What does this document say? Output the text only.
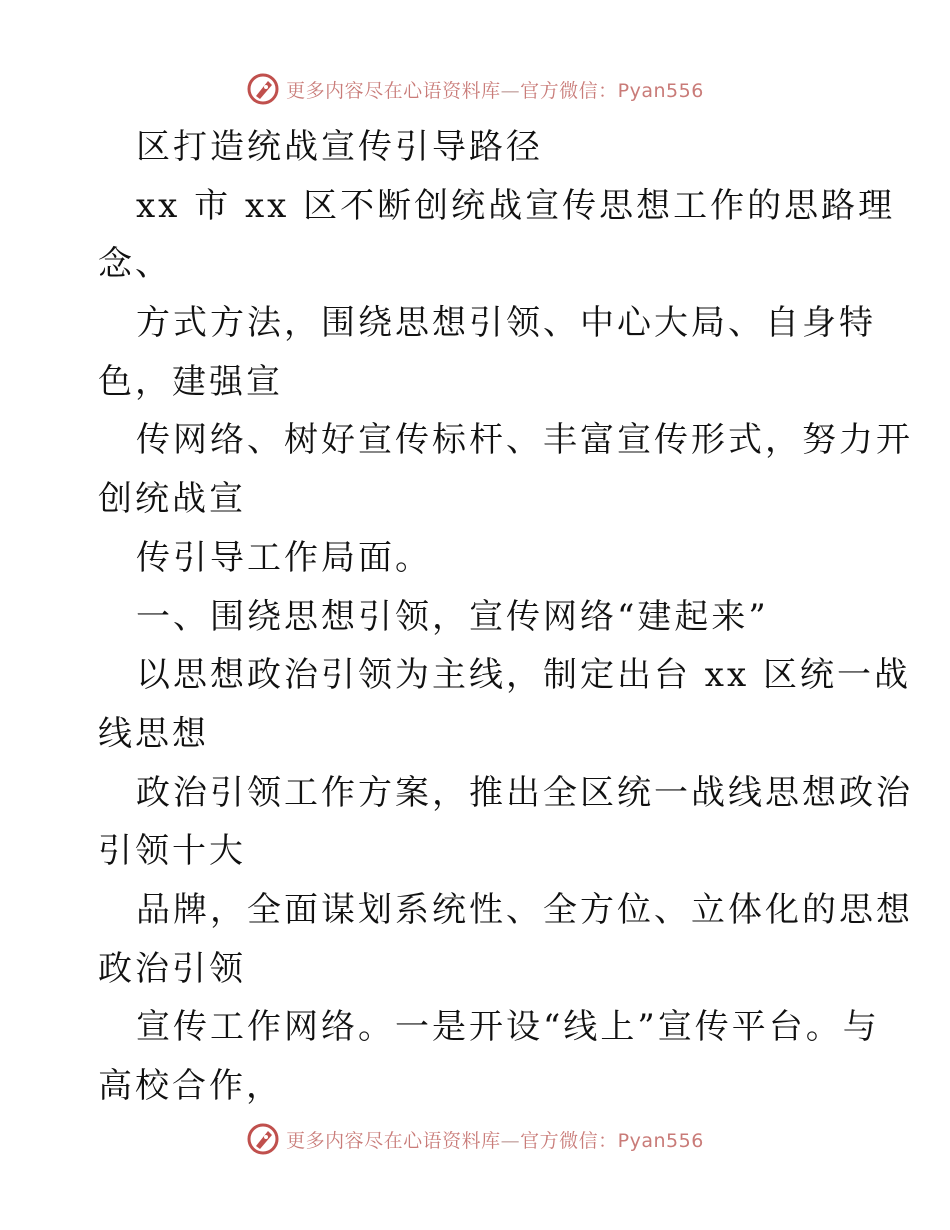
更多内容尽在心语资料库—官方微信：Pyan556
区打造统战宣传引导路径
xx 市 xx 区不断创统战宣传思想工作的思路理
念、
方式方法，围绕思想引领、中心大局、自身特
色，建强宣
传网络、树好宣传标杆、丰富宣传形式，努力开
创统战宣
传引导工作局面。
一、围绕思想引领，宣传网络“建起来”
以思想政治引领为主线，制定出台 xx 区统一战
线思想
政治引领工作方案，推出全区统一战线思想政治
引领十大
品牌，全面谋划系统性、全方位、立体化的思想
政治引领
宣传工作网络。一是开设“线上”宣传平台。与
高校合作，
更多内容尽在心语资料库—官方微信：Pyan556
